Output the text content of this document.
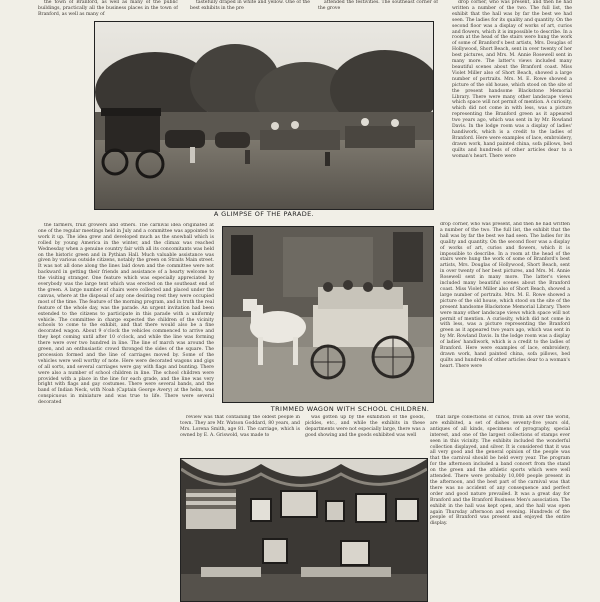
the town of Branford, as well as many of the public buildings, practically all the business places in the town of Branford, as well as many of

tastefully draped in white and yellow. One of the best exhibits in the pre

attended the festivities. The southeast corner of the grove

drop corner, who was present, and then he had written a number of the two. The full list, the exhibit that the hall was by far the best we had seen. The ladies for its quality and quantity. On the second floor was a display of works of art, curios and flowers, which it is impossible to describe. In a room at the head of the stairs were hung the work of some of Branford's best artists, Mrs. Douglas of Hollywood, Short Beach, sent in over twenty of her best pictures, and Mrs. M. Annie Rosewell sent in many more. The latter's views included many beautiful scenes about the Branford coast. Miss Violet Miller also of Short Beach, showed a large number of portraits. Mrs. M. E. Rowe showed a picture of the old house, which stood on the site of the present handsome Blackstone Memorial Library. There were many other landscape views which space will not permit of mention. A curiosity, which did not come in with less, was a picture representing the Branford green as it appeared two years ago, which was sent in by Mr. Rowland Davis. In the lodge room was a display of ladies' handiwork, which is a credit to the ladies of Branford. Here were examples of lace, embroidery, drawn work, hand painted china, sofa pillows, bed quilts and hundreds of other articles dear to a woman's heart. There were

A GLIMPSE OF THE PARADE.
TRIMMED WAGON WITH SCHOOL CHILDREN.

the farmers, fruit growers and others. The carnival idea originated at one of the regular meetings held in July and a committee was appointed to work it up. The idea grew and developed much as the snowball which is rolled by young America in the winter, and the climax was reached Wednesday when a genuine country fair with all its concomitants was held on the historic green and in Pythian Hall. Much valuable assistance was given by various outside citizens, notably the green on Straits Main street. It was not all done along the lines laid down and the committee were not backward in getting their friends and assistance of a hearty welcome to the visiting stranger. One feature which was especially appreciated by everybody was the large tent which was erected on the southeast end of the green. A large number of chairs were collected and placed under the canvas, where at the disposal of any one desiring rest they were occupied most of the time. The feature of the morning program, and in truth the real feature of the whole day, was the parade. An urgent invitation had been extended to the citizens to participate in this parade with a uniformly vehicle. The committee in charge expected the children of the vicinity schools to come to the exhibit, and that there would also be a fine decorated wagon. About 9 o'clock the vehicles commenced to arrive and they kept coming until after 10 o'clock, and while the line was forming there were over two hundred in line. The line of march was around the green, and an enthusiastic crowd thronged the sides of the square. The procession formed and the line of carriages moved by. Some of the vehicles were well worthy of note. Here were decorated wagons and gigs of all sorts, and several carriages were gay with flags and bunting. There were also a number of school children in line. The school children were provided with a place in the line for each grade, and the line was very bright with flags and gay costumes. There were several bands, and the band of Indian Neck, with Noah (Captain George Avery) at the helm, was conspicuous in miniature and was true to life. There were several decorated

drop corner, who was present, and then he had written a number of the two. The full list, the exhibit that the hall was by far the best we had seen. The ladies for its quality and quantity. On the second floor was a display of works of art, curios and flowers, which it is impossible to describe. In a room at the head of the stairs were hung the work of some of Branford's best artists, Mrs. Douglas of Hollywood, Short Beach, sent in over twenty of her best pictures, and Mrs. M. Annie Rosewell sent in many more. The latter's views included many beautiful scenes about the Branford coast. Miss Violet Miller also of Short Beach, showed a large number of portraits. Mrs. M. E. Rowe showed a picture of the old house, which stood on the site of the present handsome Blackstone Memorial Library. There were many other landscape views which space will not permit of mention. A curiosity, which did not come in with less, was a picture representing the Branford green as it appeared two years ago, which was sent in by Mr. Rowland Davis. In the lodge room was a display of ladies' handiwork, which is a credit to the ladies of Branford. Here were examples of lace, embroidery, drawn work, hand painted china, sofa pillows, bed quilts and hundreds of other articles dear to a woman's heart. There were

review was that containing the oldest people in town. They are Mr. Watson Goddard, 80 years, and Mrs. Lorena Smith, age 81. The carriage, which is owned by E. A. Griswold, was made to

was gotten up by the exhibition of the goods, pickles, etc., and while the exhibits in these departments were not especially large, there was a good showing and the goods exhibited was well

that large collections of curios, from all over the world, are exhibited, a set of dishes seventy-five years old, antiques of all kinds, specimens of pyrography, special interest, and one of the largest collections of stamps ever seen in this vicinity. The exhibits included the wonderful collection displayed, and silver. It is considered that it was all very good and the general opinion of the people was that the carnival should be held every year. The program for the afternoon included a band concert from the stand on the green and the athletic sports which were well attended. There were probably 10,000 people present in the afternoon, and the best part of the carnival was that there was no accident of any consequence and perfect order and good nature prevailed. It was a great day for Branford and the Branford Business Men's association. The exhibit in the hall was kept open, and the hall was open again Thursday afternoon and evening. Hundreds of the people of Branford was present and enjoyed the entire display.
